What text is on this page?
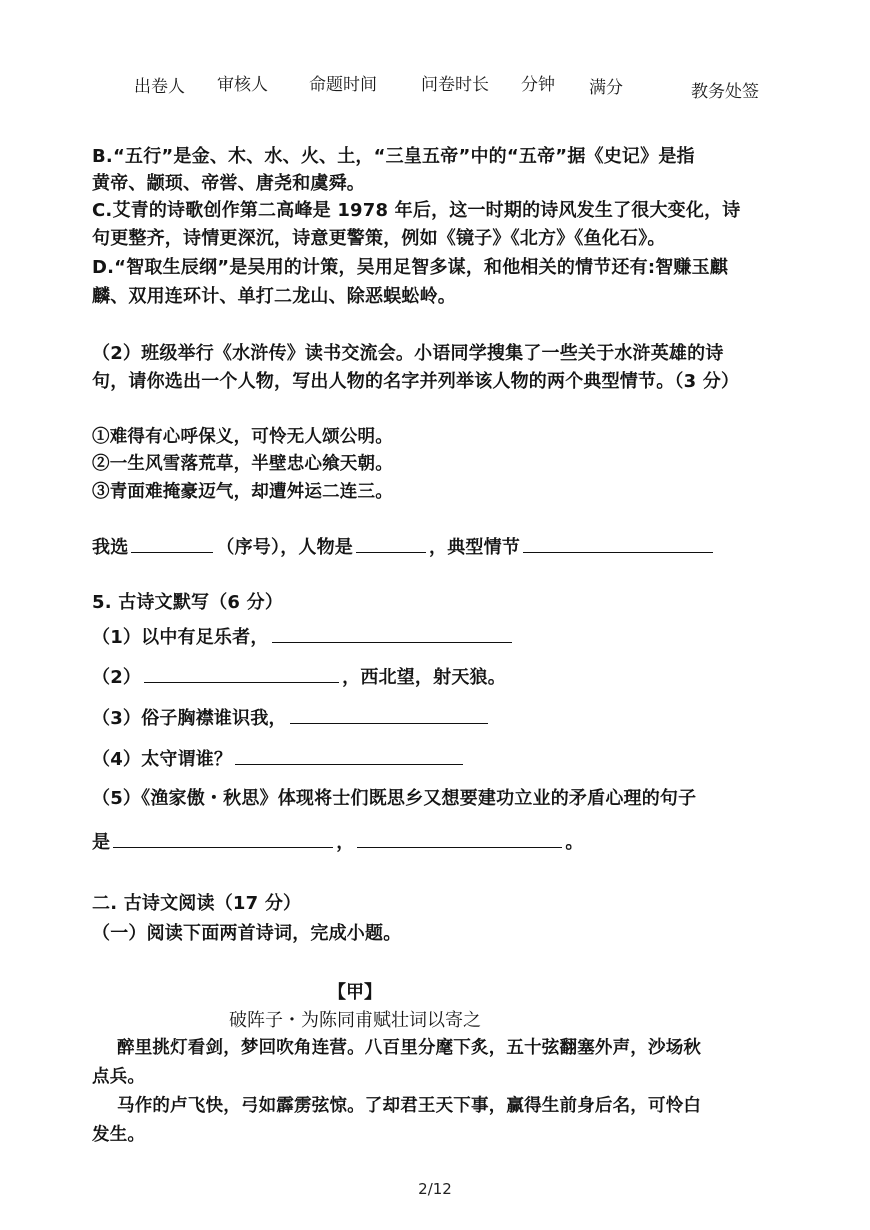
出卷人 审核人 命题时间	问卷时长 分钟 满分	教务处签
B.“五行”是金、木、水、火、土，“三皇五帝”中的“五帝”据《史记》是指
黄帝、颛顼、帝喾、唐尧和虞舜。
C.艾青的诗歌创作第二高峰是 1978 年后，这一时期的诗风发生了很大变化，诗
句更整齐，诗情更深沉，诗意更警策，例如《镜子》《北方》《鱼化石》。
D.“智取生辰纲”是吴用的计策，吴用足智多谋，和他相关的情节还有:智赚玉麒
麟、双用连环计、单打二龙山、除恶蜈蚣岭。
（2）班级举行《水浒传》读书交流会。小语同学搜集了一些关于水浒英雄的诗
句，请你选出一个人物，写出人物的名字并列举该人物的两个典型情节。（3 分）
①难得有心呼保义，可怜无人颂公明。
②一生风雪落荒草，半壁忠心飨天朝。
③青面难掩豪迈气，却遭舛运二连三。
我选	（序号），人物是	，典型情节
5. 古诗文默写（6 分）
（1）以中有足乐者，
（2）	，西北望，射天狼。
（3）俗子胸襟谁识我，
（4）太守谓谁？
（5）《渔家傲・秋思》体现将士们既思乡又想要建功立业的矛盾心理的句子
是	，	。
二. 古诗文阅读（17 分）
（一）阅读下面两首诗词，完成小题。
【甲】
破阵子・为陈同甫赋壮词以寄之
醉里挑灯看剑，梦回吹角连营。八百里分麾下炙，五十弦翻塞外声，沙场秋
点兵。
马作的卢飞快，弓如霹雳弦惊。了却君王天下事，赢得生前身后名，可怜白
发生。
2/12
